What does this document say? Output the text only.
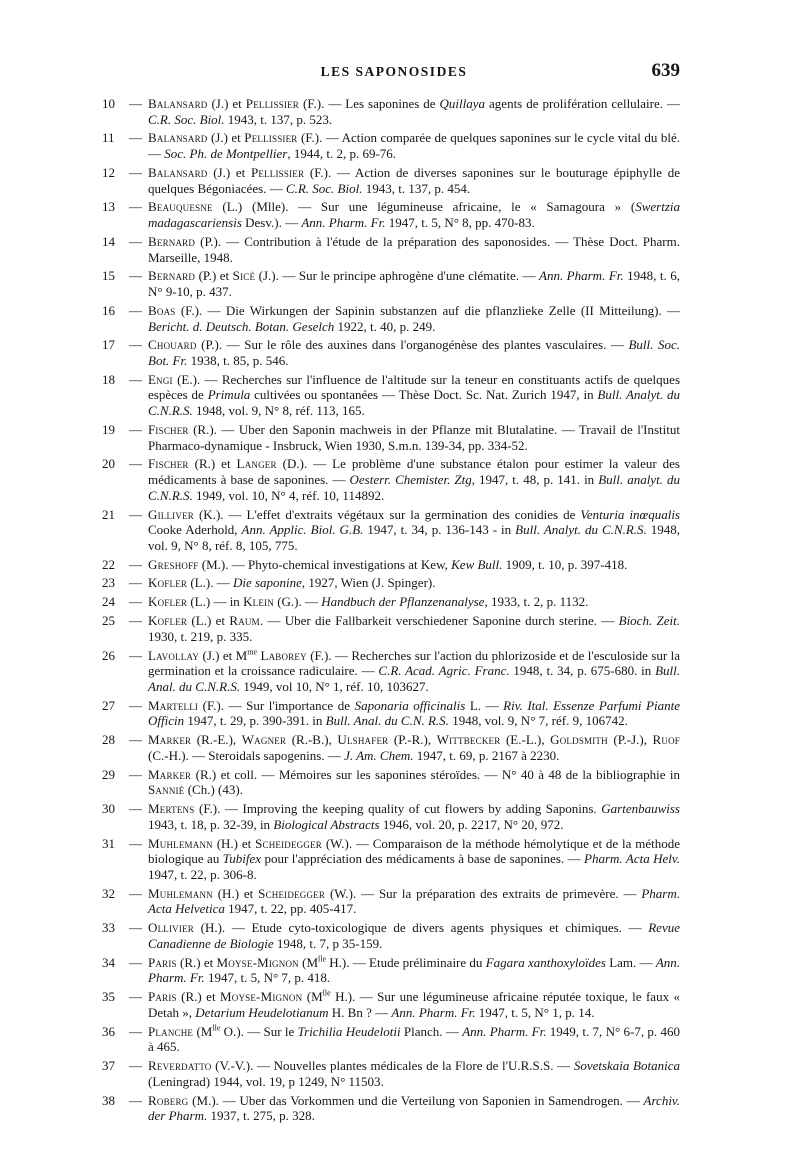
LES SAPONOSIDES	639
10	— Balansard (J.) et Pellissier (F.). — Les saponines de Quillaya agents de prolifération cellulaire. — C.R. Soc. Biol. 1943, t. 137, p. 523.
11	— Balansard (J.) et Pellissier (F.). — Action comparée de quelques saponines sur le cycle vital du blé. — Soc. Ph. de Montpellier, 1944, t. 2, p. 69-76.
12	— Balansard (J.) et Pellissier (F.). — Action de diverses saponines sur le bouturage épiphylle de quelques Bégoniacées. — C.R. Soc. Biol. 1943, t. 137, p. 454.
13	— Beauquesne (L.) (Mlle). — Sur une légumineuse africaine, le « Samagoura » (Swertzia madagascariensis Desv.). — Ann. Pharm. Fr. 1947, t. 5, N° 8, pp. 470-83.
14	— Bernard (P.). — Contribution à l'étude de la préparation des saponosides. — Thèse Doct. Pharm. Marseille, 1948.
15	— Bernard (P.) et Sicé (J.). — Sur le principe aphrogène d'une clématite. — Ann. Pharm. Fr. 1948, t. 6, N° 9-10, p. 437.
16	— Boas (F.). — Die Wirkungen der Sapinin substanzen auf die pflanzlieke Zelle (II Mitteilung). — Bericht. d. Deutsch. Botan. Geselch 1922, t. 40, p. 249.
17	— Chouard (P.). — Sur le rôle des auxines dans l'organogénèse des plantes vasculaires. — Bull. Soc. Bot. Fr. 1938, t. 85, p. 546.
18	— Engi (E.). — Recherches sur l'influence de l'altitude sur la teneur en constituants actifs de quelques espèces de Primula cultivées ou spontanées — Thèse Doct. Sc. Nat. Zurich 1947, in Bull. Analyt. du C.N.R.S. 1948, vol. 9, N° 8, réf. 113, 165.
19	— Fischer (R.). — Uber den Saponin machweis in der Pflanze mit Blutalatine. — Travail de l'Institut Pharmaco-dynamique - Insbruck, Wien 1930, S.m.n. 139-34, pp. 334-52.
20	— Fischer (R.) et Langer (D.). — Le problème d'une substance étalon pour estimer la valeur des médicaments à base de saponines. — Oesterr. Chemister. Ztg, 1947, t. 48, p. 141. in Bull. analyt. du C.N.R.S. 1949, vol. 10, N° 4, réf. 10, 114892.
21	— Gilliver (K.). — L'effet d'extraits végétaux sur la germination des conidies de Venturia inœqualis Cooke Aderhold, Ann. Applic. Biol. G.B. 1947, t. 34, p. 136-143 - in Bull. Analyt. du C.N.R.S. 1948, vol. 9, N° 8, réf. 8, 105, 775.
22	— Greshoff (M.). — Phyto-chemical investigations at Kew, Kew Bull. 1909, t. 10, p. 397-418.
23	— Kofler (L.). — Die saponine, 1927, Wien (J. Spinger).
24	— Kofler (L.) — in Klein (G.). — Handbuch der Pflanzenanalyse, 1933, t. 2, p. 1132.
25	— Kofler (L.) et Raum. — Uber die Fallbarkeit verschiedener Saponine durch sterine. — Bioch. Zeit. 1930, t. 219, p. 335.
26	— Lavollay (J.) et $M^{me}$ Laborey (F.). — Recherches sur l'action du phlorizoside et de l'esculoside sur la germination et la croissance radiculaire. — C.R. Acad. Agric. Franc. 1948, t. 34, p. 675-680. in Bull. Anal. du C.N.R.S. 1949, vol 10, N° 1, réf. 10, 103627.
27	— Martelli (F.). — Sur l'importance de Saponaria officinalis L. — Riv. Ital. Essenze Parfumi Piante Officin 1947, t. 29, p. 390-391. in Bull. Anal. du C.N. R.S. 1948, vol. 9, N° 7, réf. 9, 106742.
28	— Marker (R.-E.), Wagner (R.-B.), Ulshafer (P.-R.), Wittbecker (E.-L.), Goldsmith (P.-J.), Ruof (C.-H.). — Steroidals sapogenins. — J. Am. Chem. 1947, t. 69, p. 2167 à 2230.
29	— Marker (R.) et coll. — Mémoires sur les saponines stéroïdes. — N° 40 à 48 de la bibliographie in Sannié (Ch.) (43).
30	— Mertens (F.). — Improving the keeping quality of cut flowers by adding Saponins. Gartenbauwiss 1943, t. 18, p. 32-39, in Biological Abstracts 1946, vol. 20, p. 2217, N° 20, 972.
31	— Muhlemann (H.) et Scheidegger (W.). — Comparaison de la méthode hémolytique et de la méthode biologique au Tubifex pour l'appréciation des médicaments à base de saponines. — Pharm. Acta Helv. 1947, t. 22, p. 306-8.
32	— Muhlemann (H.) et Scheidegger (W.). — Sur la préparation des extraits de primevère. — Pharm. Acta Helvetica 1947, t. 22, pp. 405-417.
33	— Ollivier (H.). — Etude cyto-toxicologique de divers agents physiques et chimiques. — Revue Canadienne de Biologie 1948, t. 7, p 35-159.
34	— Paris (R.) et Moyse-Mignon ($M^{lle}$ H.). — Etude préliminaire du Fagara xanthoxyloïdes Lam. — Ann. Pharm. Fr. 1947, t. 5, N° 7, p. 418.
35	— Paris (R.) et Moyse-Mignon ($M^{lle}$ H.). — Sur une légumineuse africaine réputée toxique, le faux « Detah », Detarium Heudelotianum H. Bn ? — Ann. Pharm. Fr. 1947, t. 5, N° 1, p. 14.
36	— Planche ($M^{lle}$ O.). — Sur le Trichilia Heudelotii Planch. — Ann. Pharm. Fr. 1949, t. 7, N° 6-7, p. 460 à 465.
37	— Reverdatto (V.-V.). — Nouvelles plantes médicales de la Flore de l'U.R.S.S. — Sovetskaia Botanica (Leningrad) 1944, vol. 19, p 1249, N° 11503.
38	— Roberg (M.). — Uber das Vorkommen und die Verteilung von Saponien in Samendrogen. — Archiv. der Pharm. 1937, t. 275, p. 328.
